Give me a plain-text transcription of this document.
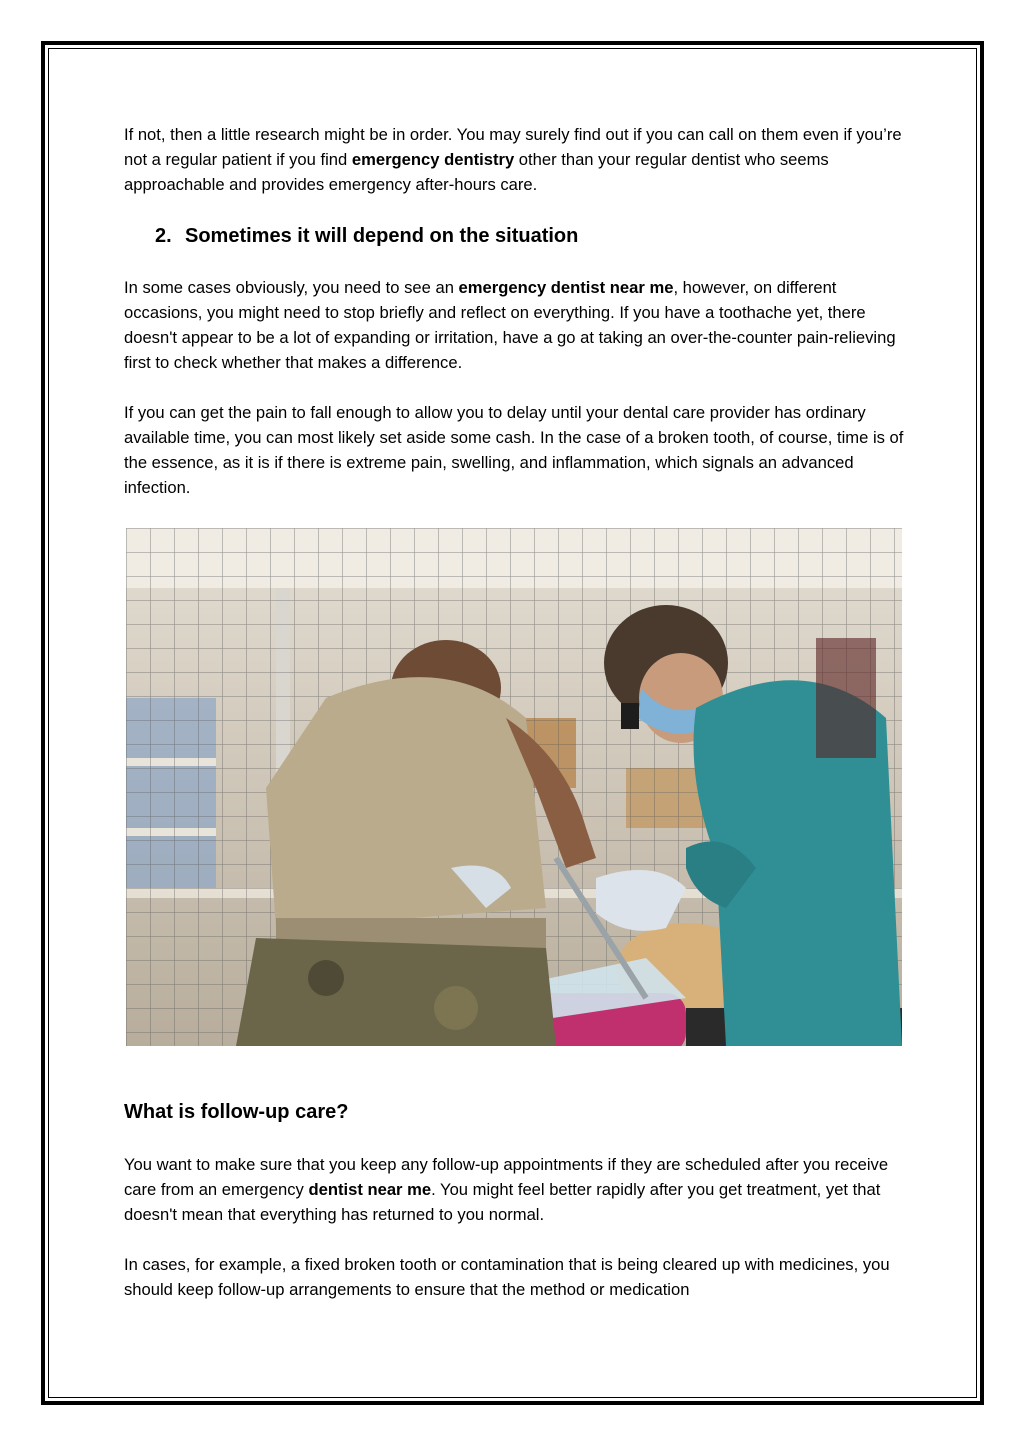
If not, then a little research might be in order. You may surely find out if you can call on them even if you’re not a regular patient if you find emergency dentistry other than your regular dentist who seems approachable and provides emergency after-hours care.

2. Sometimes it will depend on the situation

In some cases obviously, you need to see an emergency dentist near me, however, on different occasions, you might need to stop briefly and reflect on everything. If you have a toothache yet, there doesn't appear to be a lot of expanding or irritation, have a go at taking an over-the-counter pain-relieving first to check whether that makes a difference.

If you can get the pain to fall enough to allow you to delay until your dental care provider has ordinary available time, you can most likely set aside some cash. In the case of a broken tooth, of course, time is of the essence, as it is if there is extreme pain, swelling, and inflammation, which signals an advanced infection.

What is follow-up care?

You want to make sure that you keep any follow-up appointments if they are scheduled after you receive care from an emergency dentist near me. You might feel better rapidly after you get treatment, yet that doesn't mean that everything has returned to you normal.

In cases, for example, a fixed broken tooth or contamination that is being cleared up with medicines, you should keep follow-up arrangements to ensure that the method or medication
